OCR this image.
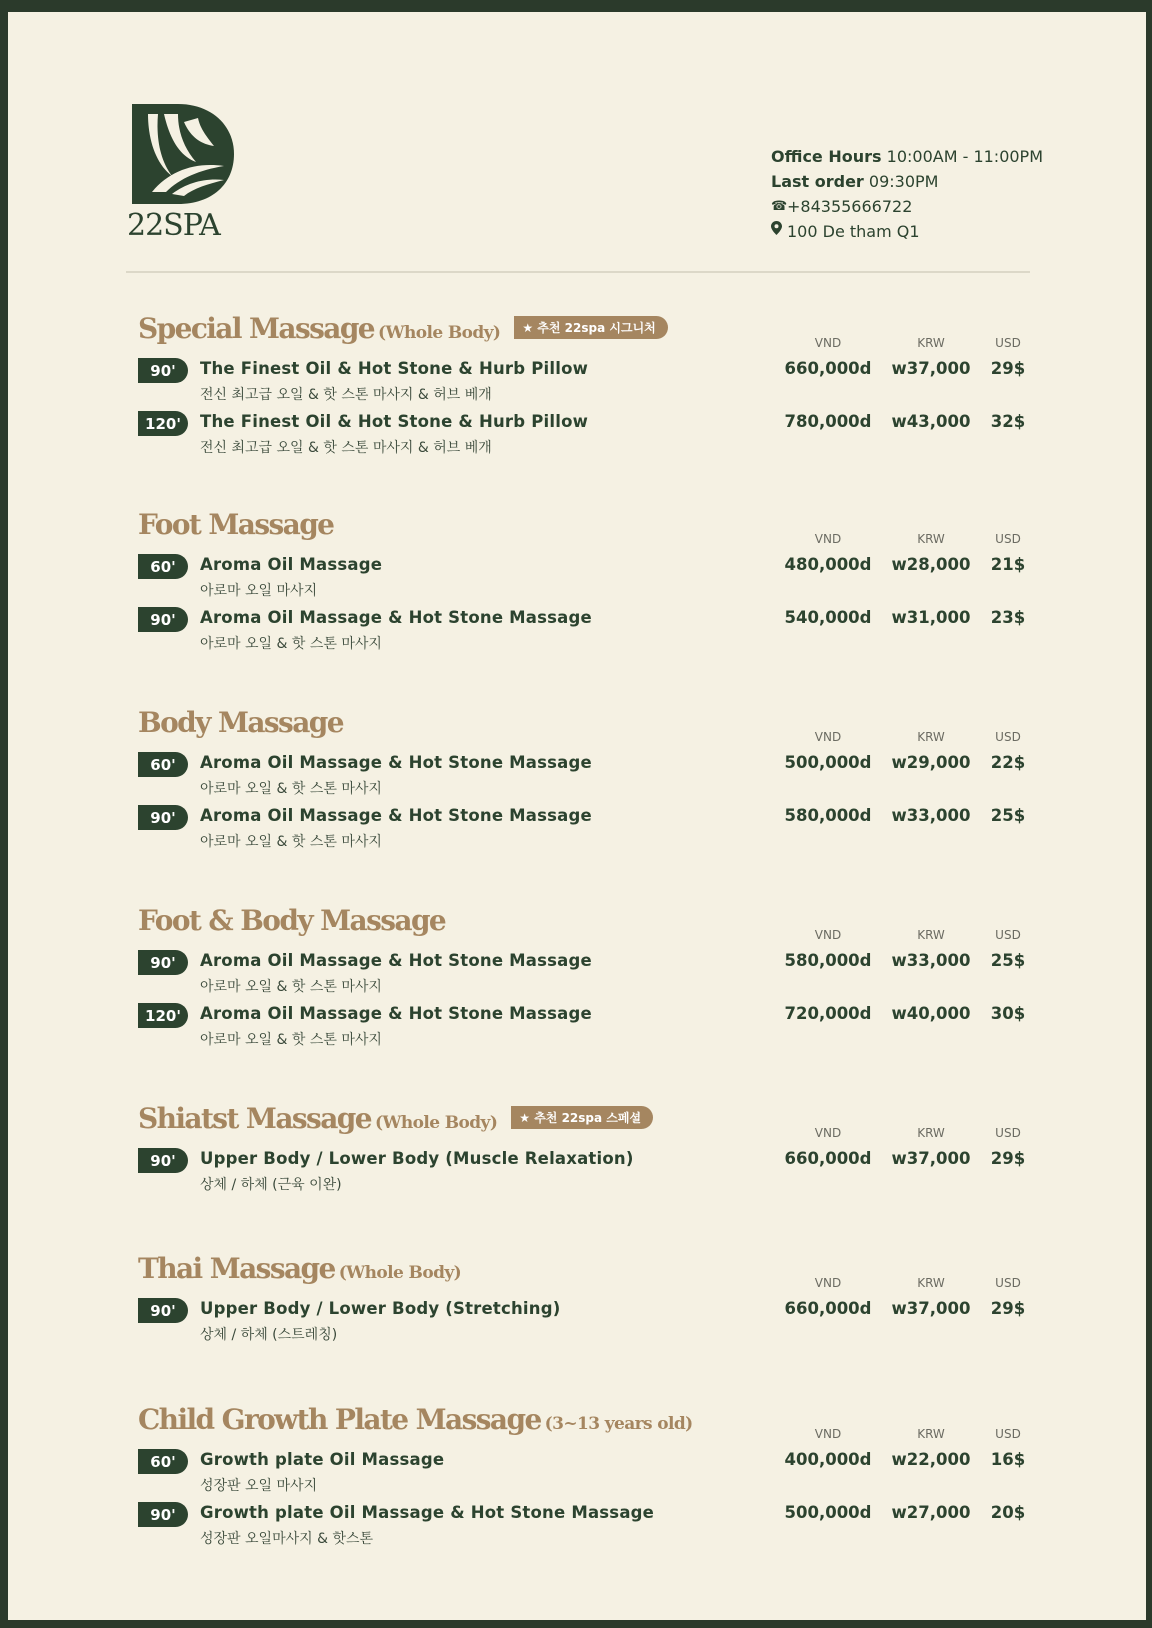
22SPA
Office Hours
10:00AM - 11:00PM
Last order
09:30PM
☎ +84355666722
100 De tham Q1
Special Massage (Whole Body) ★ 추천 22spa 시그니처
VND	KRW	USD
90'	The Finest Oil & Hot Stone & Hurb Pillow
전신 최고급 오일 & 핫 스톤 마사지 & 허브 베개
660,000d	w37,000	29$
120'	The Finest Oil & Hot Stone & Hurb Pillow
전신 최고급 오일 & 핫 스톤 마사지 & 허브 베개
780,000d	w43,000	32$
Foot Massage	VND	KRW	USD
60'	Aroma Oil Massage
아로마 오일 마사지
480,000d	w28,000	21$
90'	Aroma Oil Massage & Hot Stone Massage
아로마 오일 & 핫 스톤 마사지
540,000d	w31,000	23$
Body Massage	VND	KRW	USD
60'	Aroma Oil Massage & Hot Stone Massage
아로마 오일 & 핫 스톤 마사지
500,000d	w29,000	22$
90'	Aroma Oil Massage & Hot Stone Massage
아로마 오일 & 핫 스톤 마사지
580,000d	w33,000	25$
Foot & Body Massage	VND	KRW	USD
90'	Aroma Oil Massage & Hot Stone Massage
아로마 오일 & 핫 스톤 마사지
580,000d	w33,000	25$
120'	Aroma Oil Massage & Hot Stone Massage
아로마 오일 & 핫 스톤 마사지
720,000d	w40,000	30$
Shiatst Massage (Whole Body) ★ 추천 22spa 스페셜
VND	KRW	USD
90'	Upper Body / Lower Body (Muscle Relaxation)
상체 / 하체 (근육 이완)
660,000d	w37,000	29$
Thai Massage (Whole Body)	VND	KRW	USD
90'	Upper Body / Lower Body (Stretching)
상체 / 하체 (스트레칭)
660,000d	w37,000	29$
Child Growth Plate Massage (3~13 years old)	VND	KRW	USD
60'	Growth plate Oil Massage
성장판 오일 마사지
400,000d	w22,000	16$
90'	Growth plate Oil Massage & Hot Stone Massage
성장판 오일마사지 & 핫스톤
500,000d	w27,000	20$
